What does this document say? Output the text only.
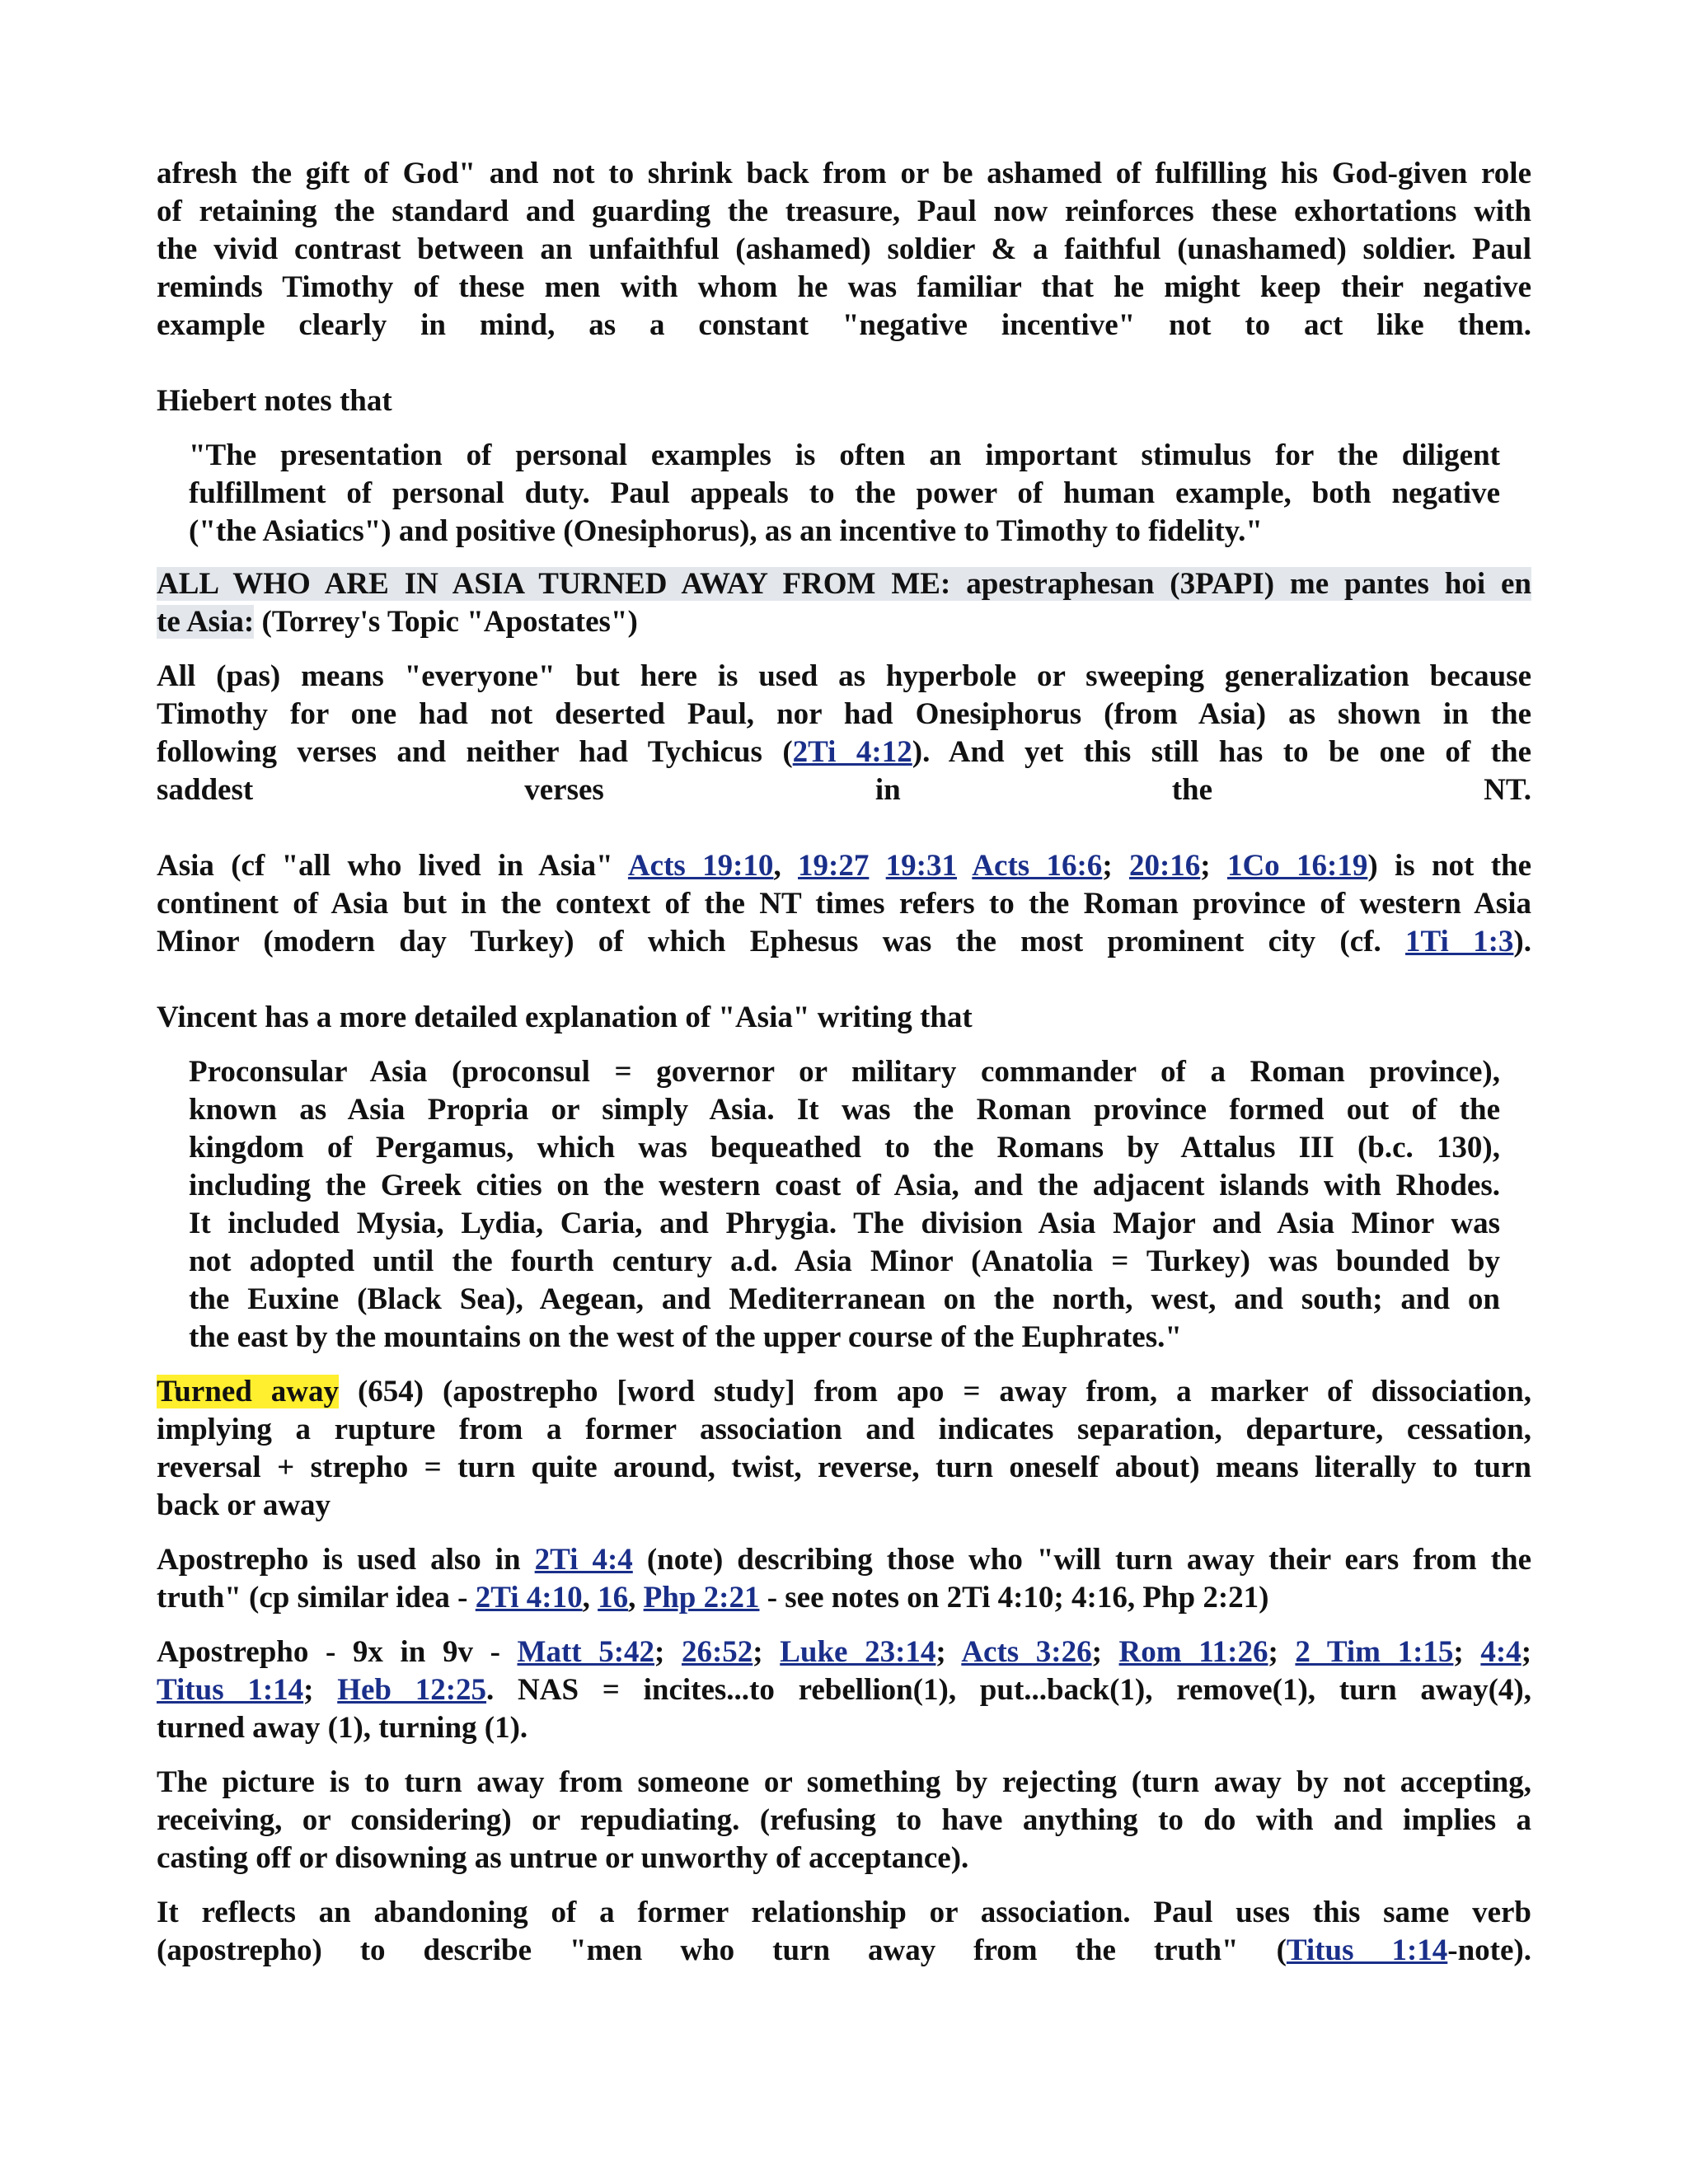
afresh the gift of God" and not to shrink back from or be ashamed of fulfilling his God-given role

of retaining the standard and guarding the treasure, Paul now reinforces these exhortations with

the vivid contrast between an unfaithful (ashamed) soldier & a faithful (unashamed) soldier. Paul

reminds Timothy of these men with whom he was familiar that he might keep their negative

example clearly in mind, as a constant "negative incentive" not to act like them.

Hiebert notes that

"The presentation of personal examples is often an important stimulus for the diligent

fulfillment of personal duty. Paul appeals to the power of human example, both negative

("the Asiatics") and positive (Onesiphorus), as an incentive to Timothy to fidelity."

ALL WHO ARE IN ASIA TURNED AWAY FROM ME: apestraphesan (3PAPI) me pantes hoi en

te Asia: (Torrey's Topic "Apostates")

All (pas) means "everyone" but here is used as hyperbole or sweeping generalization because

Timothy for one had not deserted Paul, nor had Onesiphorus (from Asia) as shown in the

following verses and neither had Tychicus (2Ti 4:12). And yet this still has to be one of the

saddest verses in the NT.

Asia (cf "all who lived in Asia" Acts 19:10, 19:27 19:31 Acts 16:6; 20:16; 1Co 16:19) is not the

continent of Asia but in the context of the NT times refers to the Roman province of western Asia

Minor (modern day Turkey) of which Ephesus was the most prominent city (cf. 1Ti 1:3).

Vincent has a more detailed explanation of "Asia" writing that

Proconsular Asia (proconsul = governor or military commander of a Roman province),

known as Asia Propria or simply Asia. It was the Roman province formed out of the

kingdom of Pergamus, which was bequeathed to the Romans by Attalus III (b.c. 130),

including the Greek cities on the western coast of Asia, and the adjacent islands with Rhodes.

It included Mysia, Lydia, Caria, and Phrygia. The division Asia Major and Asia Minor was

not adopted until the fourth century a.d. Asia Minor (Anatolia = Turkey) was bounded by

the Euxine (Black Sea), Aegean, and Mediterranean on the north, west, and south; and on

the east by the mountains on the west of the upper course of the Euphrates."

Turned away (654) (apostrepho [word study] from apo = away from, a marker of dissociation,

implying a rupture from a former association and indicates separation, departure, cessation,

reversal + strepho = turn quite around, twist, reverse, turn oneself about) means literally to turn

back or away

Apostrepho is used also in 2Ti 4:4 (note) describing those who "will turn away their ears from the

truth" (cp similar idea - 2Ti 4:10, 16, Php 2:21 - see notes on 2Ti 4:10; 4:16, Php 2:21)

Apostrepho - 9x in 9v - Matt 5:42; 26:52; Luke 23:14; Acts 3:26; Rom 11:26; 2 Tim 1:15; 4:4;

Titus 1:14; Heb 12:25. NAS = incites...to rebellion(1), put...back(1), remove(1), turn away(4),

turned away (1), turning (1).

The picture is to turn away from someone or something by rejecting (turn away by not accepting,

receiving, or considering) or repudiating. (refusing to have anything to do with and implies a

casting off or disowning as untrue or unworthy of acceptance).

It reflects an abandoning of a former relationship or association. Paul uses this same verb

(apostrepho) to describe "men who turn away from the truth" (Titus 1:14-note).
